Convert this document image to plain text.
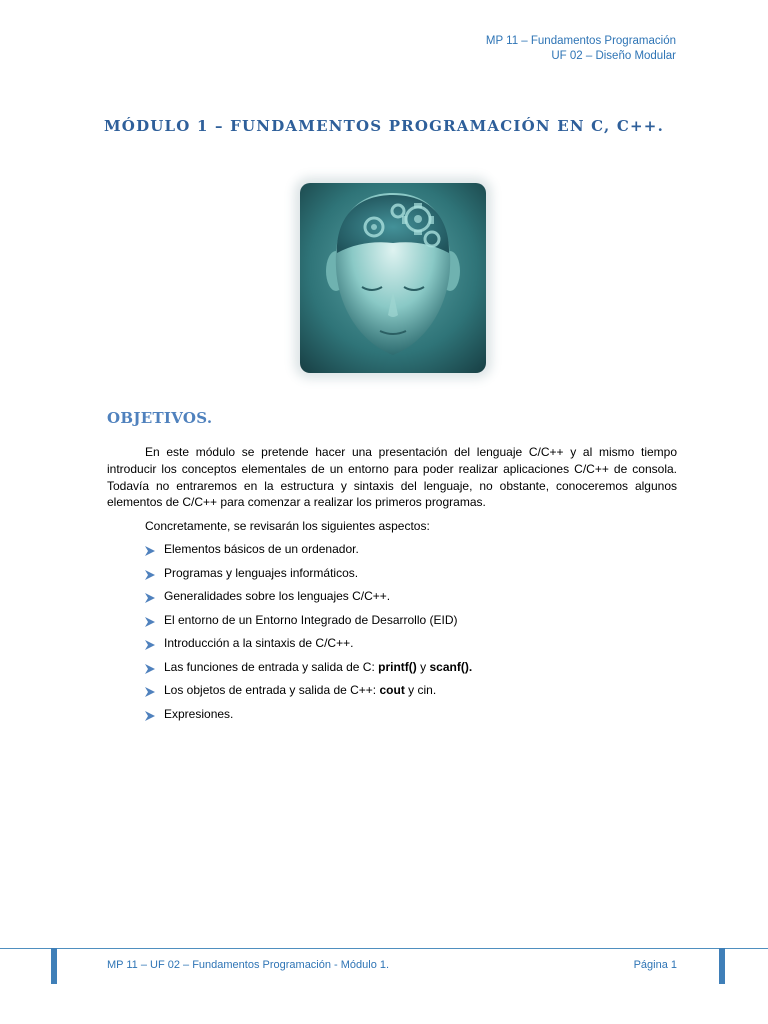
MP 11 – Fundamentos Programación
UF 02 – Diseño Modular
MÓDULO 1 – FUNDAMENTOS PROGRAMACIÓN EN C, C++.
OBJETIVOS.
En este módulo se pretende hacer una presentación del lenguaje C/C++ y al mismo tiempo introducir los conceptos elementales de un entorno para poder realizar aplicaciones C/C++ de consola. Todavía no entraremos en la estructura y sintaxis del lenguaje, no obstante, conoceremos algunos elementos de C/C++ para comenzar a realizar los primeros programas.
Concretamente, se revisarán los siguientes aspectos:
Elementos básicos de un ordenador.
Programas y lenguajes informáticos.
Generalidades sobre los lenguajes C/C++.
El entorno de un Entorno Integrado de Desarrollo (EID)
Introducción a la sintaxis de C/C++.
Las funciones de entrada y salida de C: printf() y scanf().
Los objetos de entrada y salida de C++: cout y cin.
Expresiones.
MP 11 – UF 02 – Fundamentos Programación - Módulo 1.	Página 1
